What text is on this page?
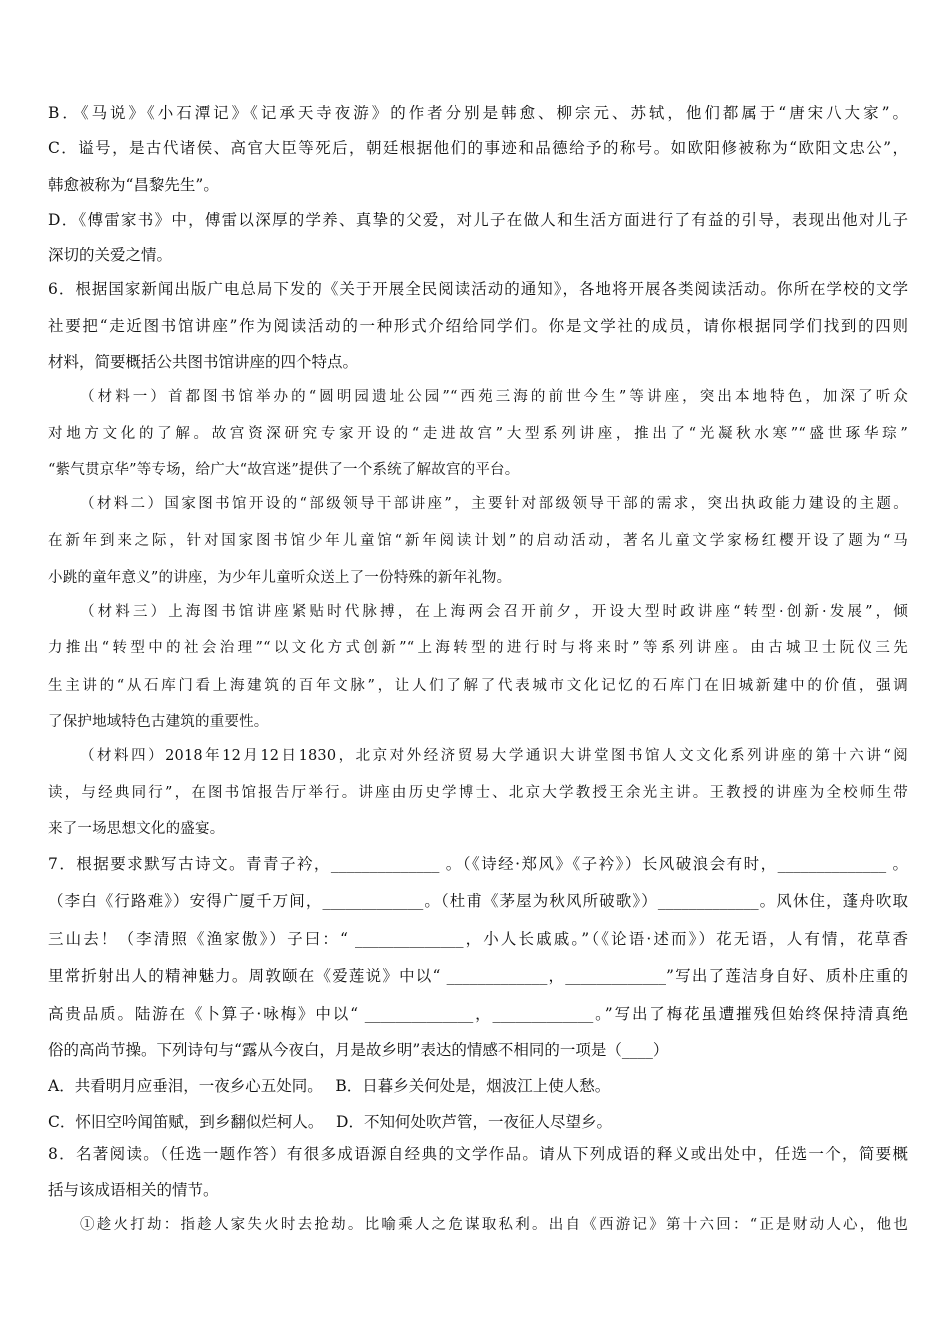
B．《马说》《小石潭记》《记承天寺夜游》的作者分别是韩愈、柳宗元、苏轼，他们都属于“唐宋八大家”。
C．谥号，是古代诸侯、高官大臣等死后，朝廷根据他们的事迹和品德给予的称号。如欧阳修被称为“欧阳文忠公”，
韩愈被称为“昌黎先生”。
D．《傅雷家书》中，傅雷以深厚的学养、真挚的父爱，对儿子在做人和生活方面进行了有益的引导，表现出他对儿子
深切的关爱之情。
6．根据国家新闻出版广电总局下发的《关于开展全民阅读活动的通知》，各地将开展各类阅读活动。你所在学校的文学
社要把“走近图书馆讲座”作为阅读活动的一种形式介绍给同学们。你是文学社的成员，请你根据同学们找到的四则
材料，简要概括公共图书馆讲座的四个特点。
（材料一）首都图书馆举办的“圆明园遗址公园”“西苑三海的前世今生”等讲座，突出本地特色，加深了听众
对地方文化的了解。故宫资深研究专家开设的“走进故宫”大型系列讲座，推出了“光凝秋水寒”“盛世琢华琮”
“紫气贯京华”等专场，给广大“故宫迷”提供了一个系统了解故宫的平台。
（材料二）国家图书馆开设的“部级领导干部讲座”，主要针对部级领导干部的需求，突出执政能力建设的主题。
在新年到来之际，针对国家图书馆少年儿童馆“新年阅读计划”的启动活动，著名儿童文学家杨红樱开设了题为“马
小跳的童年意义”的讲座，为少年儿童听众送上了一份特殊的新年礼物。
（材料三）上海图书馆讲座紧贴时代脉搏，在上海两会召开前夕，开设大型时政讲座“转型·创新·发展”，倾
力推出“转型中的社会治理”“以文化方式创新”“上海转型的进行时与将来时”等系列讲座。由古城卫士阮仪三先
生主讲的“从石库门看上海建筑的百年文脉”，让人们了解了代表城市文化记忆的石库门在旧城新建中的价值，强调
了保护地域特色古建筑的重要性。
（材料四）2018年12月12日1830，北京对外经济贸易大学通识大讲堂图书馆人文文化系列讲座的第十六讲“阅
读，与经典同行”，在图书馆报告厅举行。讲座由历史学博士、北京大学教授王余光主讲。王教授的讲座为全校师生带
来了一场思想文化的盛宴。
7．根据要求默写古诗文。青青子衿，______________ 。（《诗经·郑风》《子衿》）长风破浪会有时，______________ 。
（李白《行路难》）安得广厦千万间，_____________。（杜甫《茅屋为秋风所破歌》）_____________。风休住，蓬舟吹取
三山去！（李清照《渔家傲》）子曰：“ ______________，小人长戚戚。”（《论语·述而》）花无语，人有情，花草香
里常折射出人的精神魅力。周敦颐在《爱莲说》中以“ _____________，_____________”写出了莲洁身自好、质朴庄重的
高贵品质。陆游在《卜算子·咏梅》中以“ ______________，_____________。”写出了梅花虽遭摧残但始终保持清真绝
俗的高尚节操。下列诗句与“露从今夜白，月是故乡明”表达的情感不相同的一项是（____）
A．共看明月应垂泪，一夜乡心五处同。　 B．日暮乡关何处是，烟波江上使人愁。
C．怀旧空吟闻笛赋，到乡翻似烂柯人。　 D．不知何处吹芦管，一夜征人尽望乡。
8．名著阅读。（任选一题作答）有很多成语源自经典的文学作品。请从下列成语的释义或出处中，任选一个，简要概
括与该成语相关的情节。
①趁火打劫：指趁人家失火时去抢劫。比喻乘人之危谋取私利。出自《西游记》第十六回：“正是财动人心，他也
